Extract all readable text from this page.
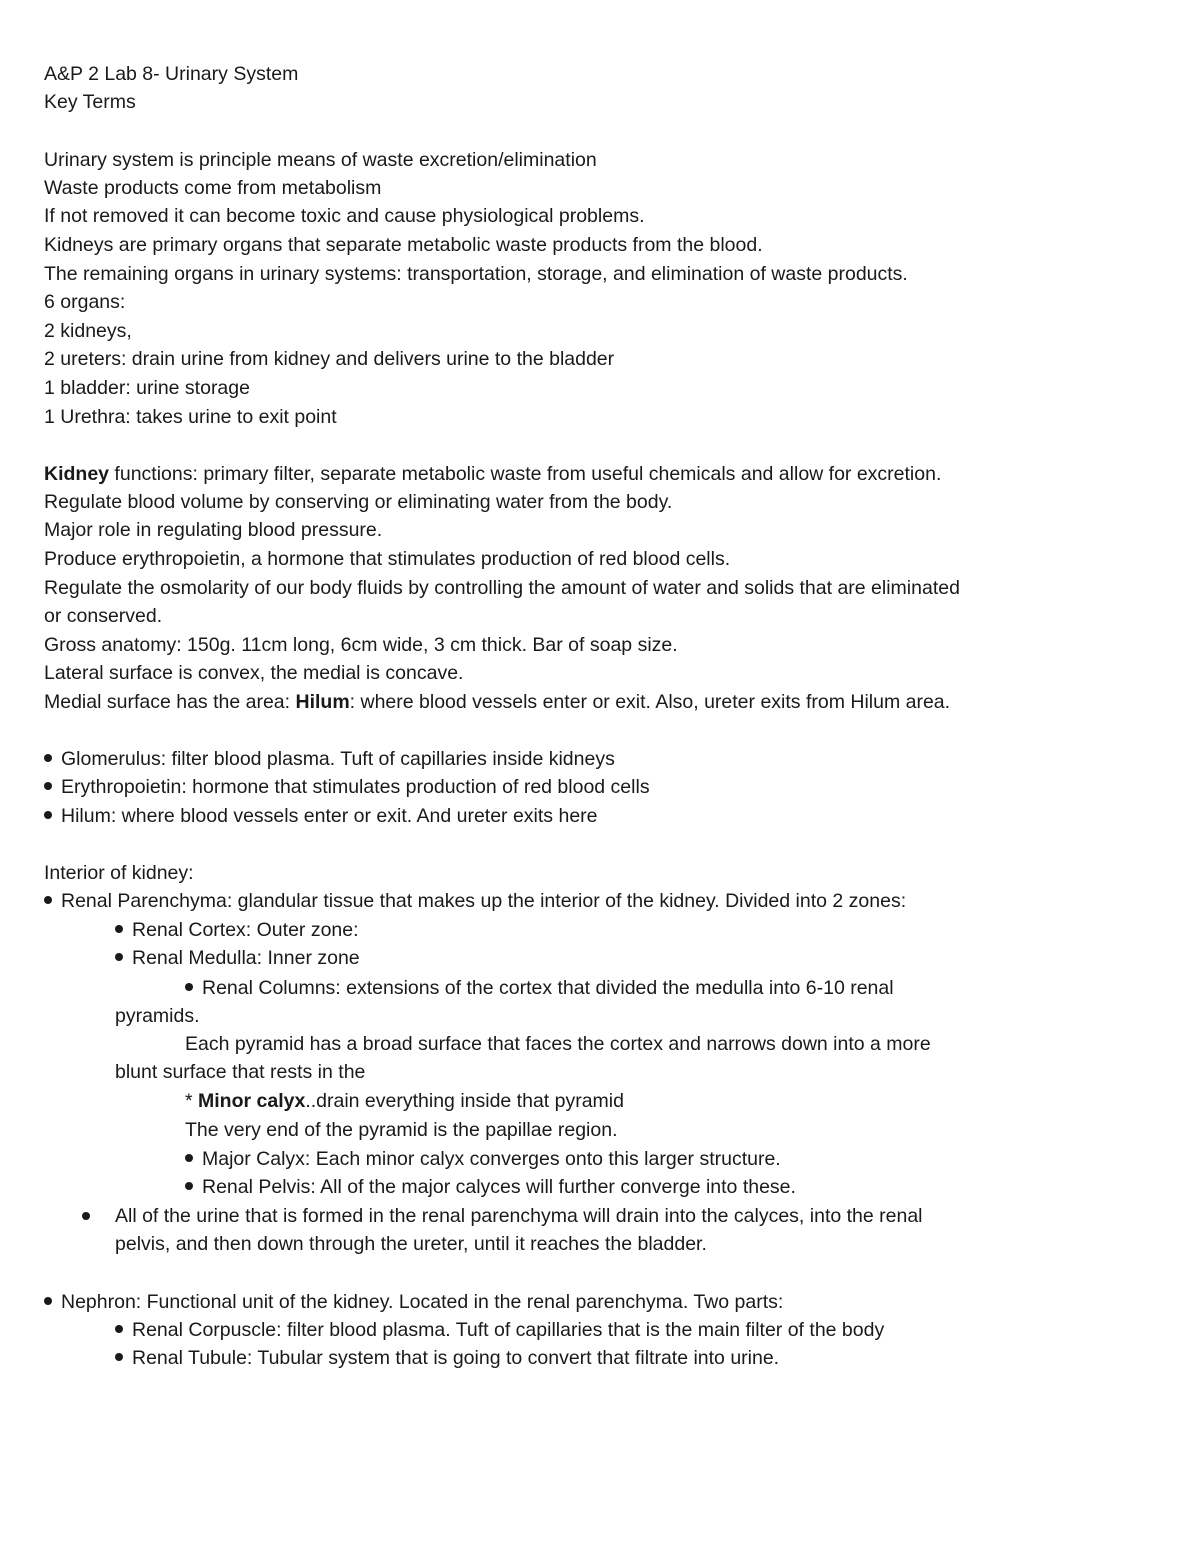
A&P 2 Lab 8- Urinary System
Key Terms
Urinary system is principle means of waste excretion/elimination
Waste products come from metabolism
If not removed it can become toxic and cause physiological problems.
Kidneys are primary organs that separate metabolic waste products from the blood.
The remaining organs in urinary systems: transportation, storage, and elimination of waste products.
6 organs:
2 kidneys,
2 ureters: drain urine from kidney and delivers urine to the bladder
1 bladder: urine storage
1 Urethra: takes urine to exit point
Kidney functions: primary filter, separate metabolic waste from useful chemicals and allow for excretion.
Regulate blood volume by conserving or eliminating water from the body.
Major role in regulating blood pressure.
Produce erythropoietin, a hormone that stimulates production of red blood cells.
Regulate the osmolarity of our body fluids by controlling the amount of water and solids that are eliminated
or conserved.
Gross anatomy: 150g. 11cm long, 6cm wide, 3 cm thick. Bar of soap size.
Lateral surface is convex, the medial is concave.
Medial surface has the area: Hilum: where blood vessels enter or exit. Also, ureter exits from Hilum area.
Glomerulus: filter blood plasma. Tuft of capillaries inside kidneys
Erythropoietin: hormone that stimulates production of red blood cells
Hilum: where blood vessels enter or exit. And ureter exits here
Interior of kidney:
Renal Parenchyma: glandular tissue that makes up the interior of the kidney. Divided into 2 zones:
Renal Cortex: Outer zone:
Renal Medulla: Inner zone
Renal Columns: extensions of the cortex that divided the medulla into 6-10 renal
pyramids.
Each pyramid has a broad surface that faces the cortex and narrows down into a more
blunt surface that rests in the
* Minor calyx..drain everything inside that pyramid
The very end of the pyramid is the papillae region.
Major Calyx: Each minor calyx converges onto this larger structure.
Renal Pelvis: All of the major calyces will further converge into these.
All of the urine that is formed in the renal parenchyma will drain into the calyces, into the renal
pelvis, and then down through the ureter, until it reaches the bladder.
Nephron: Functional unit of the kidney. Located in the renal parenchyma. Two parts:
Renal Corpuscle: filter blood plasma. Tuft of capillaries that is the main filter of the body
Renal Tubule: Tubular system that is going to convert that filtrate into urine.
